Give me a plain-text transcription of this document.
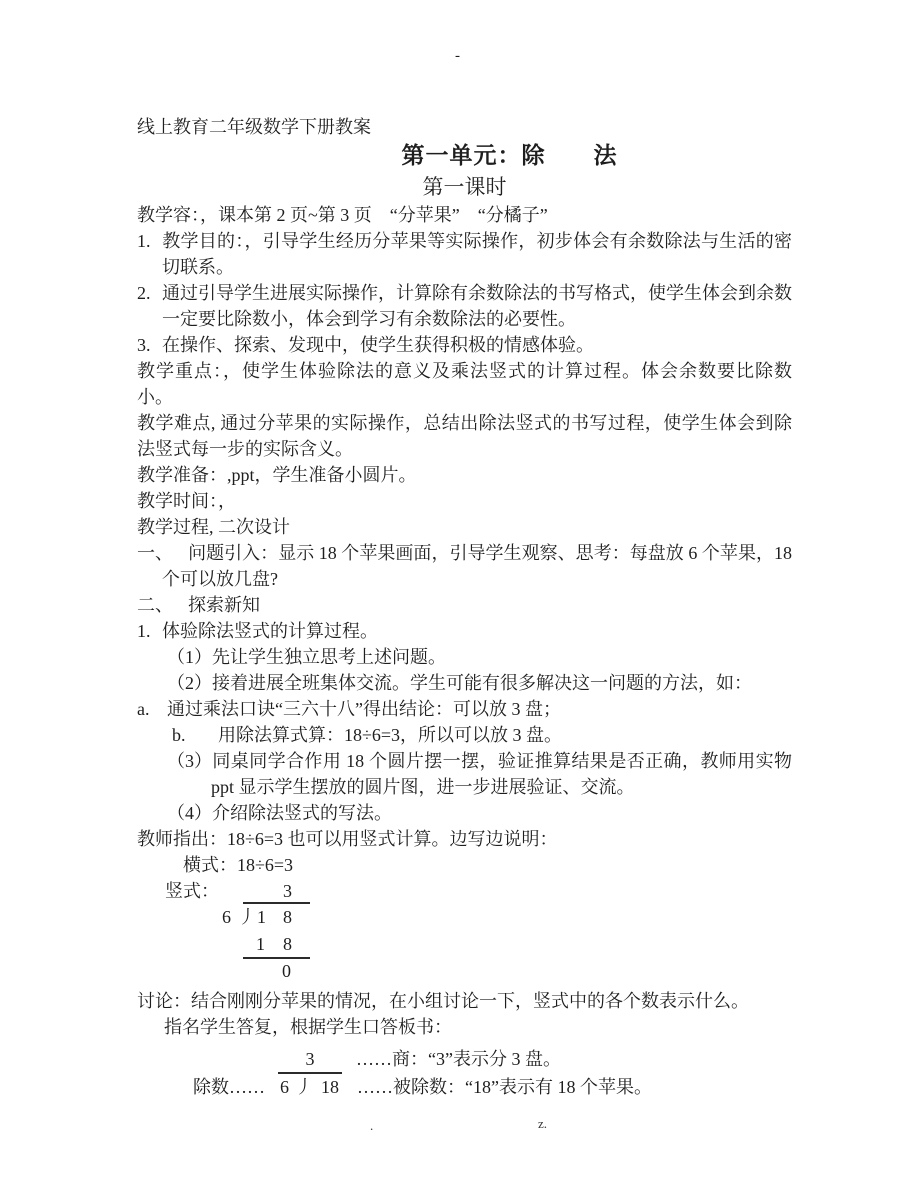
-
线上教育二年级数学下册教案
第一单元：除　　法
第一课时
教学容：，课本第 2 页~第 3 页　“分苹果”　“分橘子”
1. 教学目的：，引导学生经历分苹果等实际操作，初步体会有余数除法与生活的密切联系。
2. 通过引导学生进展实际操作，计算除有余数除法的书写格式，使学生体会到余数一定要比除数小，体会到学习有余数除法的必要性。
3. 在操作、探索、发现中，使学生获得积极的情感体验。
教学重点：，使学生体验除法的意义及乘法竖式的计算过程。体会余数要比除数小。
教学难点, 通过分苹果的实际操作，总结出除法竖式的书写过程，使学生体会到除法竖式每一步的实际含义。
教学准备：,ppt，学生准备小圆片。
教学时间：，
教学过程, 二次设计
一、 问题引入：显示 18 个苹果画面，引导学生观察、思考：每盘放 6 个苹果，18 个可以放几盘?
二、 探索新知
1. 体验除法竖式的计算过程。
（1）先让学生独立思考上述问题。
（2）接着进展全班集体交流。学生可能有很多解决这一问题的方法，如：
a. 通过乘法口诀“三六十八”得出结论：可以放 3 盘；
b. 用除法算式算：18÷6=3，所以可以放 3 盘。
（3）同桌同学合作用 18 个圆片摆一摆，验证推算结果是否正确，教师用实物 ppt 显示学生摆放的圆片图，进一步进展验证、交流。
（4）介绍除法竖式的写法。
教师指出：18÷6=3 也可以用竖式计算。边写边说明：
横式：18÷6=3
竖式：	3
6 丿 1 8
1 8
0
讨论：结合刚刚分苹果的情况，在小组讨论一下，竖式中的各个数表示什么。
指名学生答复，根据学生口答板书：
3 ……商：“3”表示分 3 盘。
除数…… 6 丿 18 ……被除数：“18”表示有 18 个苹果。
.	z.
